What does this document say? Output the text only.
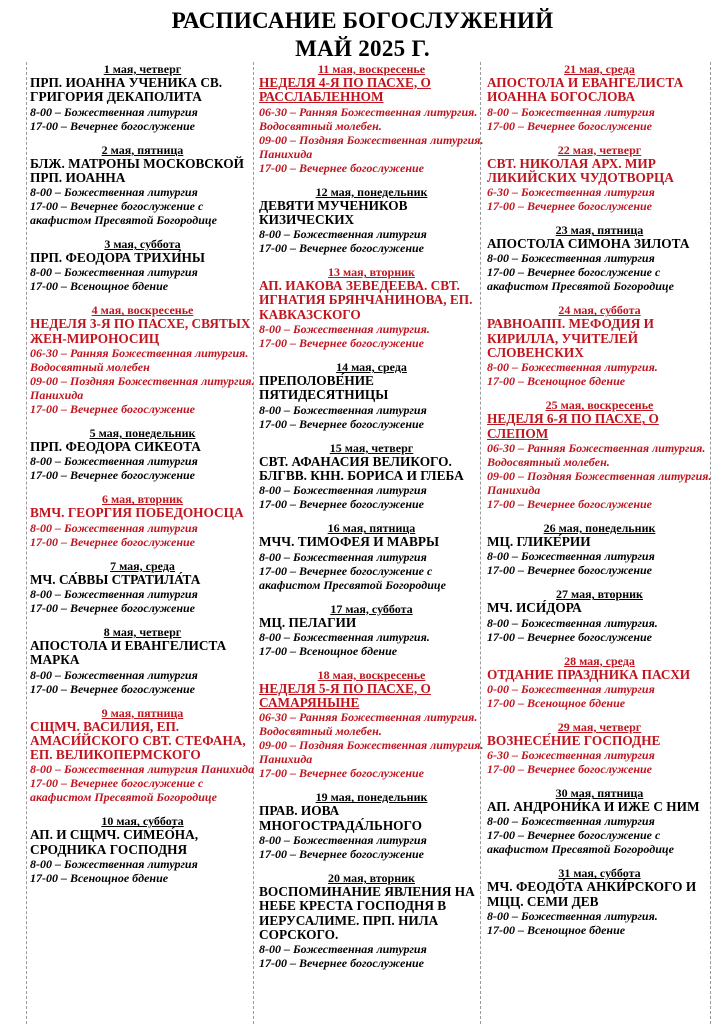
РАСПИСАНИЕ БОГОСЛУЖЕНИЙ
МАЙ 2025 Г.
1 мая, четверг
ПРП. ИОАННА УЧЕНИКА СВ. ГРИГОРИЯ ДЕКАПОЛИТА
8-00 – Божественная литургия
17-00 – Вечернее богослужение
2 мая, пятница
БЛЖ. МАТРОНЫ МОСКОВСКОЙ ПРП. ИОАННА
8-00 – Божественная литургия
17-00 – Вечернее богослужение с акафистом Пресвятой Богородице
3 мая, суббота
ПРП. ФЕОДОРА ТРИХИ́НЫ
8-00 – Божественная литургия
17-00 – Всенощное бдение
4 мая, воскресенье
НЕДЕЛЯ 3-Я ПО ПАСХЕ, СВЯТЫХ ЖЕН-МИРОНОСИЦ
06-30 – Ранняя Божественная литургия. Водосвятный молебен
09-00 – Поздняя Божественная литургия. Панихида
17-00 – Вечернее богослужение
5 мая, понедельник
ПРП. ФЕОДОРА СИКЕОТА
8-00 – Божественная литургия
17-00 – Вечернее богослужение
6 мая, вторник
ВМЧ. ГЕОРГИЯ ПОБЕДОНОСЦА
8-00 – Божественная литургия
17-00 – Вечернее богослужение
7 мая, среда
МЧ. СА́ВВЫ СТРАТИЛА́ТА
8-00 – Божественная литургия
17-00 – Вечернее богослужение
8 мая, четверг
АПОСТОЛА И ЕВАНГЕЛИСТА МАРКА
8-00 – Божественная литургия
17-00 – Вечернее богослужение
9 мая, пятница
СЩМЧ. ВАСИЛИЯ, ЕП. АМАСИ́ЙСКОГО СВТ. СТЕФАНА, ЕП. ВЕЛИКОПЕРМСКОГО
8-00 – Божественная литургия Панихида
17-00 – Вечернее богослужение с акафистом Пресвятой Богородице
10 мая, суббота
АП. И СЩМЧ. СИМЕО́НА, СРОДНИКА ГОСПОДНЯ
8-00 – Божественная литургия
17-00 – Всенощное бдение
11 мая, воскресенье
НЕДЕЛЯ 4-Я ПО ПАСХЕ, О РАССЛАБЛЕННОМ
06-30 – Ранняя Божественная литургия. Водосвятный молебен.
09-00 – Поздняя Божественная литургия. Панихида
17-00 – Вечернее богослужение
12 мая, понедельник
ДЕВЯТИ МУЧЕНИКОВ КИЗИЧЕСКИХ
8-00 – Божественная литургия
17-00 – Вечернее богослужение
13 мая, вторник
АП. ИАКОВА ЗЕВЕДЕЕВА. СВТ. ИГНАТИЯ БРЯНЧАНИНОВА, ЕП. КАВКАЗСКОГО
8-00 – Божественная литургия.
17-00 – Вечернее богослужение
14 мая, среда
ПРЕПОЛОВЕ́НИЕ ПЯТИДЕСЯТНИЦЫ
8-00 – Божественная литургия
17-00 – Вечернее богослужение
15 мая, четверг
СВТ. АФАНАСИЯ ВЕЛИКОГО. БЛГВВ. КНН. БОРИСА И ГЛЕБА
8-00 – Божественная литургия
17-00 – Вечернее богослужение
16 мая, пятница
МЧЧ. ТИМОФЕЯ И МАВРЫ
8-00 – Божественная литургия
17-00 – Вечернее богослужение с акафистом Пресвятой Богородице
17 мая, суббота
МЦ. ПЕЛАГИИ
8-00 – Божественная литургия.
17-00 – Всенощное бдение
18 мая, воскресенье
НЕДЕЛЯ 5-Я ПО ПАСХЕ, О САМАРЯНЫНЕ
06-30 – Ранняя Божественная литургия. Водосвятный молебен.
09-00 – Поздняя Божественная литургия. Панихида
17-00 – Вечернее богослужение
19 мая, понедельник
ПРАВ. ИОВА МНОГОСТРАДА́ЛЬНОГО
8-00 – Божественная литургия
17-00 – Вечернее богослужение
20 мая, вторник
ВОСПОМИНАНИЕ ЯВЛЕНИЯ НА НЕБЕ КРЕСТА ГОСПОДНЯ В ИЕРУСАЛИМЕ. ПРП. НИЛА СОРСКОГО.
8-00 – Божественная литургия
17-00 – Вечернее богослужение
21 мая, среда
АПОСТОЛА И ЕВАНГЕЛИСТА ИОАННА БОГОСЛОВА
8-00 – Божественная литургия
17-00 – Вечернее богослужение
22 мая, четверг
СВТ. НИКОЛАЯ АРХ. МИР ЛИКИЙСКИХ ЧУДОТВОРЦА
6-30 – Божественная литургия
17-00 – Вечернее богослужение
23 мая, пятница
АПОСТОЛА СИМОНА ЗИЛОТА
8-00 – Божественная литургия
17-00 – Вечернее богослужение с акафистом Пресвятой Богородице
24 мая, суббота
РАВНОАПП. МЕФОДИЯ И КИРИЛЛА, УЧИТЕЛЕЙ СЛОВЕНСКИХ
8-00 – Божественная литургия.
17-00 – Всенощное бдение
25 мая, воскресенье
НЕДЕЛЯ 6-Я ПО ПАСХЕ, О СЛЕПОМ
06-30 – Ранняя Божественная литургия. Водосвятный молебен.
09-00 – Поздняя Божественная литургия. Панихида
17-00 – Вечернее богослужение
26 мая, понедельник
МЦ. ГЛИКЕ́РИИ
8-00 – Божественная литургия
17-00 – Вечернее богослужение
27 мая, вторник
МЧ. ИСИ́ДОРА
8-00 – Божественная литургия.
17-00 – Вечернее богослужение
28 мая, среда
ОТДАНИЕ ПРАЗДНИКА ПАСХИ
0-00 – Божественная литургия
17-00 – Всенощное бдение
29 мая, четверг
ВОЗНЕСЕ́НИЕ ГОСПОДНЕ
6-30 – Божественная литургия
17-00 – Вечернее богослужение
30 мая, пятница
АП. АНДРОНИ́КА И ИЖЕ С НИМ
8-00 – Божественная литургия
17-00 – Вечернее богослужение с акафистом Пресвятой Богородице
31 мая, суббота
МЧ. ФЕОДО́ТА АНКИ́РСКОГО И МЦЦ. СЕМИ ДЕВ
8-00 – Божественная литургия.
17-00 – Всенощное бдение
